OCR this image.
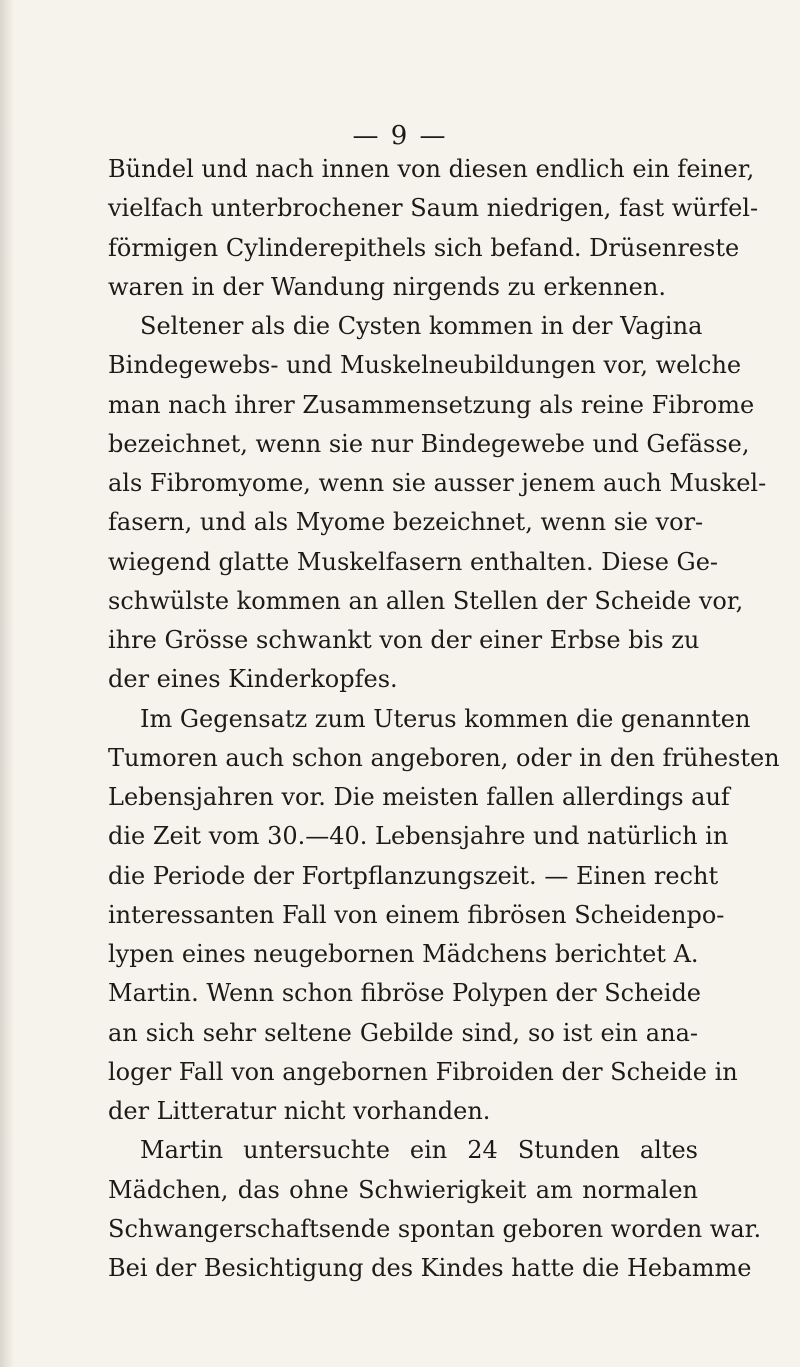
— 9 —
Bündel und nach innen von diesen endlich ein feiner,
vielfach unterbrochener Saum niedrigen, fast würfel-
förmigen Cylinderepithels sich befand. Drüsenreste
waren in der Wandung nirgends zu erkennen.
Seltener als die Cysten kommen in der Vagina
Bindegewebs- und Muskelneubildungen vor, welche
man nach ihrer Zusammensetzung als reine Fibrome
bezeichnet, wenn sie nur Bindegewebe und Gefässe,
als Fibromyome, wenn sie ausser jenem auch Muskel-
fasern, und als Myome bezeichnet, wenn sie vor-
wiegend glatte Muskelfasern enthalten. Diese Ge-
schwülste kommen an allen Stellen der Scheide vor,
ihre Grösse schwankt von der einer Erbse bis zu
der eines Kinderkopfes.
Im Gegensatz zum Uterus kommen die genannten
Tumoren auch schon angeboren, oder in den frühesten
Lebensjahren vor. Die meisten fallen allerdings auf
die Zeit vom 30.—40. Lebensjahre und natürlich in
die Periode der Fortpflanzungszeit. — Einen recht
interessanten Fall von einem fibrösen Scheidenpo-
lypen eines neugebornen Mädchens berichtet A.
Martin. Wenn schon fibröse Polypen der Scheide
an sich sehr seltene Gebilde sind, so ist ein ana-
loger Fall von angebornen Fibroiden der Scheide in
der Litteratur nicht vorhanden.
Martin untersuchte ein 24 Stunden altes
Mädchen, das ohne Schwierigkeit am normalen
Schwangerschaftsende spontan geboren worden war.
Bei der Besichtigung des Kindes hatte die Hebamme
